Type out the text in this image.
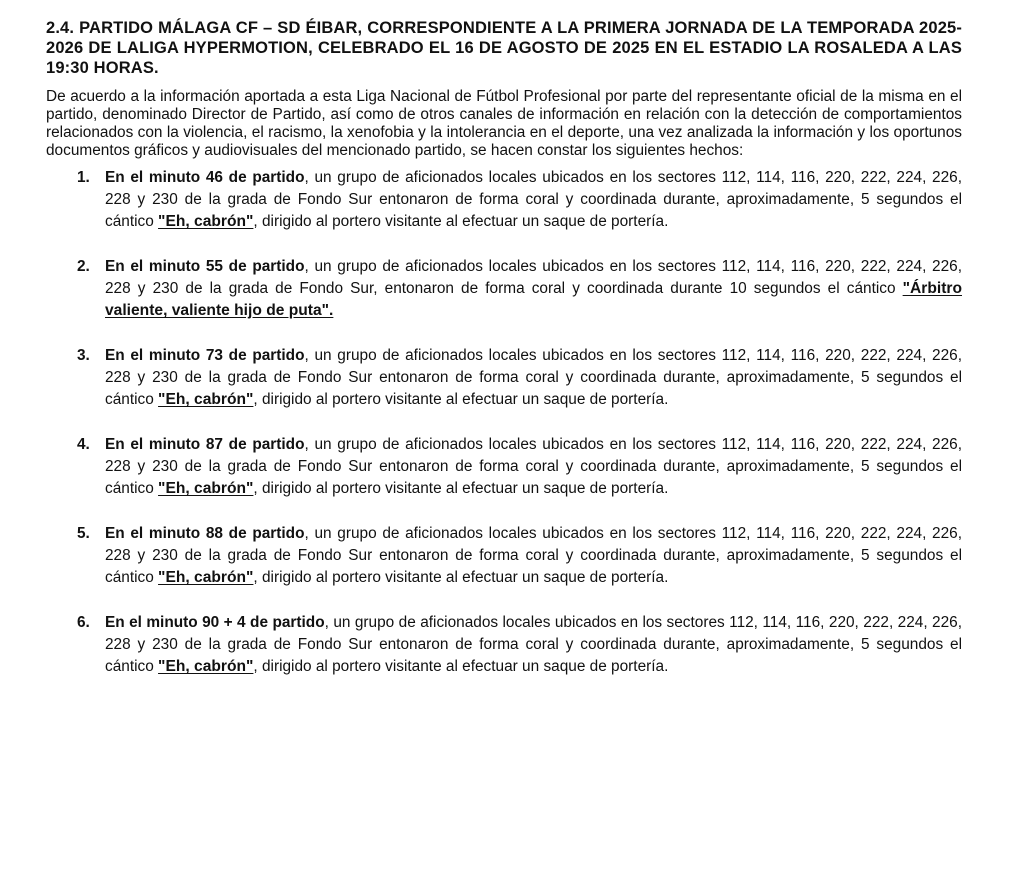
2.4. PARTIDO MÁLAGA CF – SD ÉIBAR, CORRESPONDIENTE A LA PRIMERA JORNADA DE LA TEMPORADA 2025-2026 DE LALIGA HYPERMOTION, CELEBRADO EL 16 DE AGOSTO DE 2025 EN EL ESTADIO LA ROSALEDA A LAS 19:30 HORAS.

De acuerdo a la información aportada a esta Liga Nacional de Fútbol Profesional por parte del representante oficial de la misma en el partido, denominado Director de Partido, así como de otros canales de información en relación con la detección de comportamientos relacionados con la violencia, el racismo, la xenofobia y la intolerancia en el deporte, una vez analizada la información y los oportunos documentos gráficos y audiovisuales del mencionado partido, se hacen constar los siguientes hechos:

1. En el minuto 46 de partido, un grupo de aficionados locales ubicados en los sectores 112, 114, 116, 220, 222, 224, 226, 228 y 230 de la grada de Fondo Sur entonaron de forma coral y coordinada durante, aproximadamente, 5 segundos el cántico "Eh, cabrón", dirigido al portero visitante al efectuar un saque de portería.
2. En el minuto 55 de partido, un grupo de aficionados locales ubicados en los sectores 112, 114, 116, 220, 222, 224, 226, 228 y 230 de la grada de Fondo Sur, entonaron de forma coral y coordinada durante 10 segundos el cántico "Árbitro valiente, valiente hijo de puta".
3. En el minuto 73 de partido, un grupo de aficionados locales ubicados en los sectores 112, 114, 116, 220, 222, 224, 226, 228 y 230 de la grada de Fondo Sur entonaron de forma coral y coordinada durante, aproximadamente, 5 segundos el cántico "Eh, cabrón", dirigido al portero visitante al efectuar un saque de portería.
4. En el minuto 87 de partido, un grupo de aficionados locales ubicados en los sectores 112, 114, 116, 220, 222, 224, 226, 228 y 230 de la grada de Fondo Sur entonaron de forma coral y coordinada durante, aproximadamente, 5 segundos el cántico "Eh, cabrón", dirigido al portero visitante al efectuar un saque de portería.
5. En el minuto 88 de partido, un grupo de aficionados locales ubicados en los sectores 112, 114, 116, 220, 222, 224, 226, 228 y 230 de la grada de Fondo Sur entonaron de forma coral y coordinada durante, aproximadamente, 5 segundos el cántico "Eh, cabrón", dirigido al portero visitante al efectuar un saque de portería.
6. En el minuto 90 + 4 de partido, un grupo de aficionados locales ubicados en los sectores 112, 114, 116, 220, 222, 224, 226, 228 y 230 de la grada de Fondo Sur entonaron de forma coral y coordinada durante, aproximadamente, 5 segundos el cántico "Eh, cabrón", dirigido al portero visitante al efectuar un saque de portería.
